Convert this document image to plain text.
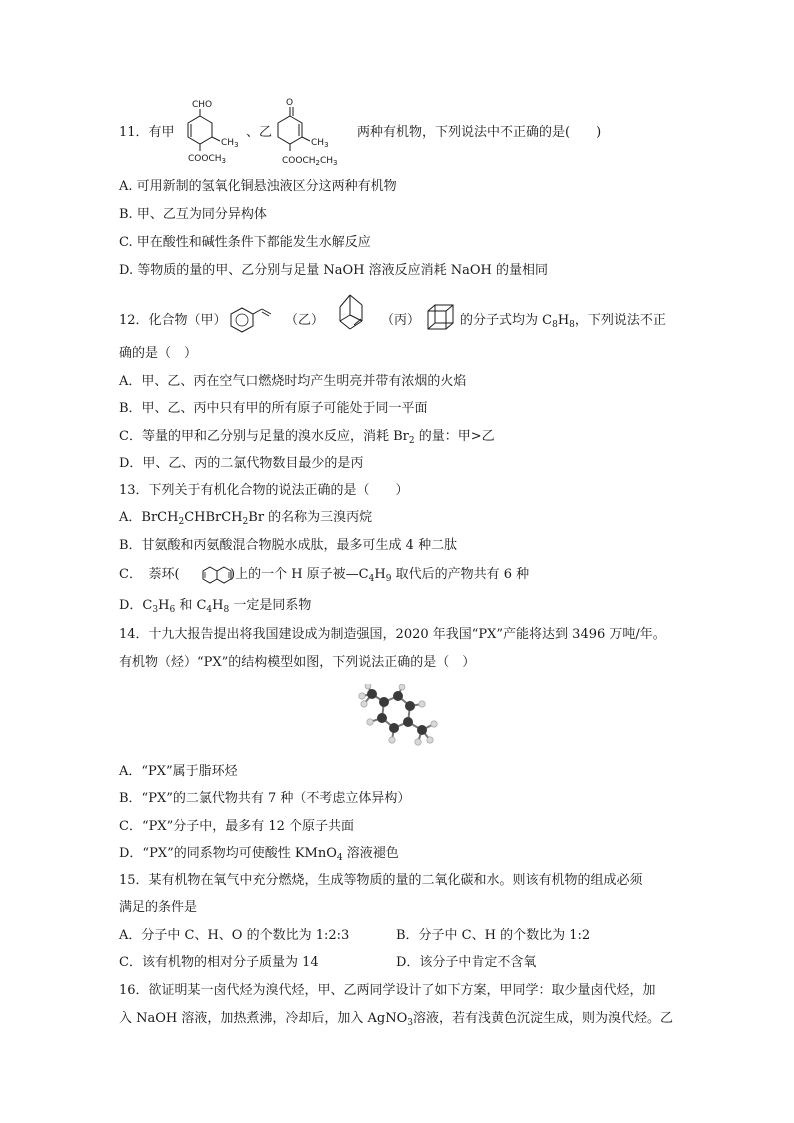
11．有甲
CHO
$CH_3$
$COOCH_3$
、乙
O
$CH_3$
$COOCH_2CH_3$
两种有机物，下列说法中不正确的是(　　)
A. 可用新制的氢氧化铜悬浊液区分这两种有机物
B. 甲、乙互为同分异构体
C. 甲在酸性和碱性条件下都能发生水解反应
D. 等物质的量的甲、乙分别与足量 NaOH 溶液反应消耗 NaOH 的量相同
12．化合物（甲）	（乙）	（丙）	的分子式均为 $C_8H_8$，下列说法不正
确的是（　）
A．甲、乙、丙在空气口燃烧时均产生明亮并带有浓烟的火焰
B．甲、乙、丙中只有甲的所有原子可能处于同一平面
C．等量的甲和乙分别与足量的溴水反应，消耗 $Br_2$ 的量：甲>乙
D．甲、乙、丙的二氯代物数目最少的是丙
13．下列关于有机化合物的说法正确的是（　　）
A．BrCH$_2$CHBrCH$_2$Br 的名称为三溴丙烷
B．甘氨酸和丙氨酸混合物脱水成肽，最多可生成 4 种二肽
C．　萘环(	)上的一个 H 原子被$—C_4H_9$ 取代后的产物共有 6 种
D．$C_3H_6$ 和 $C_4H_8$ 一定是同系物
14．十九大报告提出将我国建设成为制造强国，2020 年我国“PX”产能将达到 3496 万吨/年。
有机物（烃）“PX”的结构模型如图，下列说法正确的是（　）
A．“PX”属于脂环烃
B．“PX”的二氯代物共有 7 种（不考虑立体异构）
C．“PX”分子中，最多有 12 个原子共面
D．“PX”的同系物均可使酸性 KMnO$_4$ 溶液褪色
15．某有机物在氧气中充分燃烧，生成等物质的量的二氧化碳和水。则该有机物的组成必须
满足的条件是
A．分子中 C、H、O 的个数比为 1:2:3	B．分子中 C、H 的个数比为 1:2
C．该有机物的相对分子质量为 14	D．该分子中肯定不含氧
16．欲证明某一卤代烃为溴代烃，甲、乙两同学设计了如下方案，甲同学：取少量卤代烃，加
入 NaOH 溶液，加热煮沸，冷却后，加入 AgNO$_3$溶液，若有浅黄色沉淀生成，则为溴代烃。乙
